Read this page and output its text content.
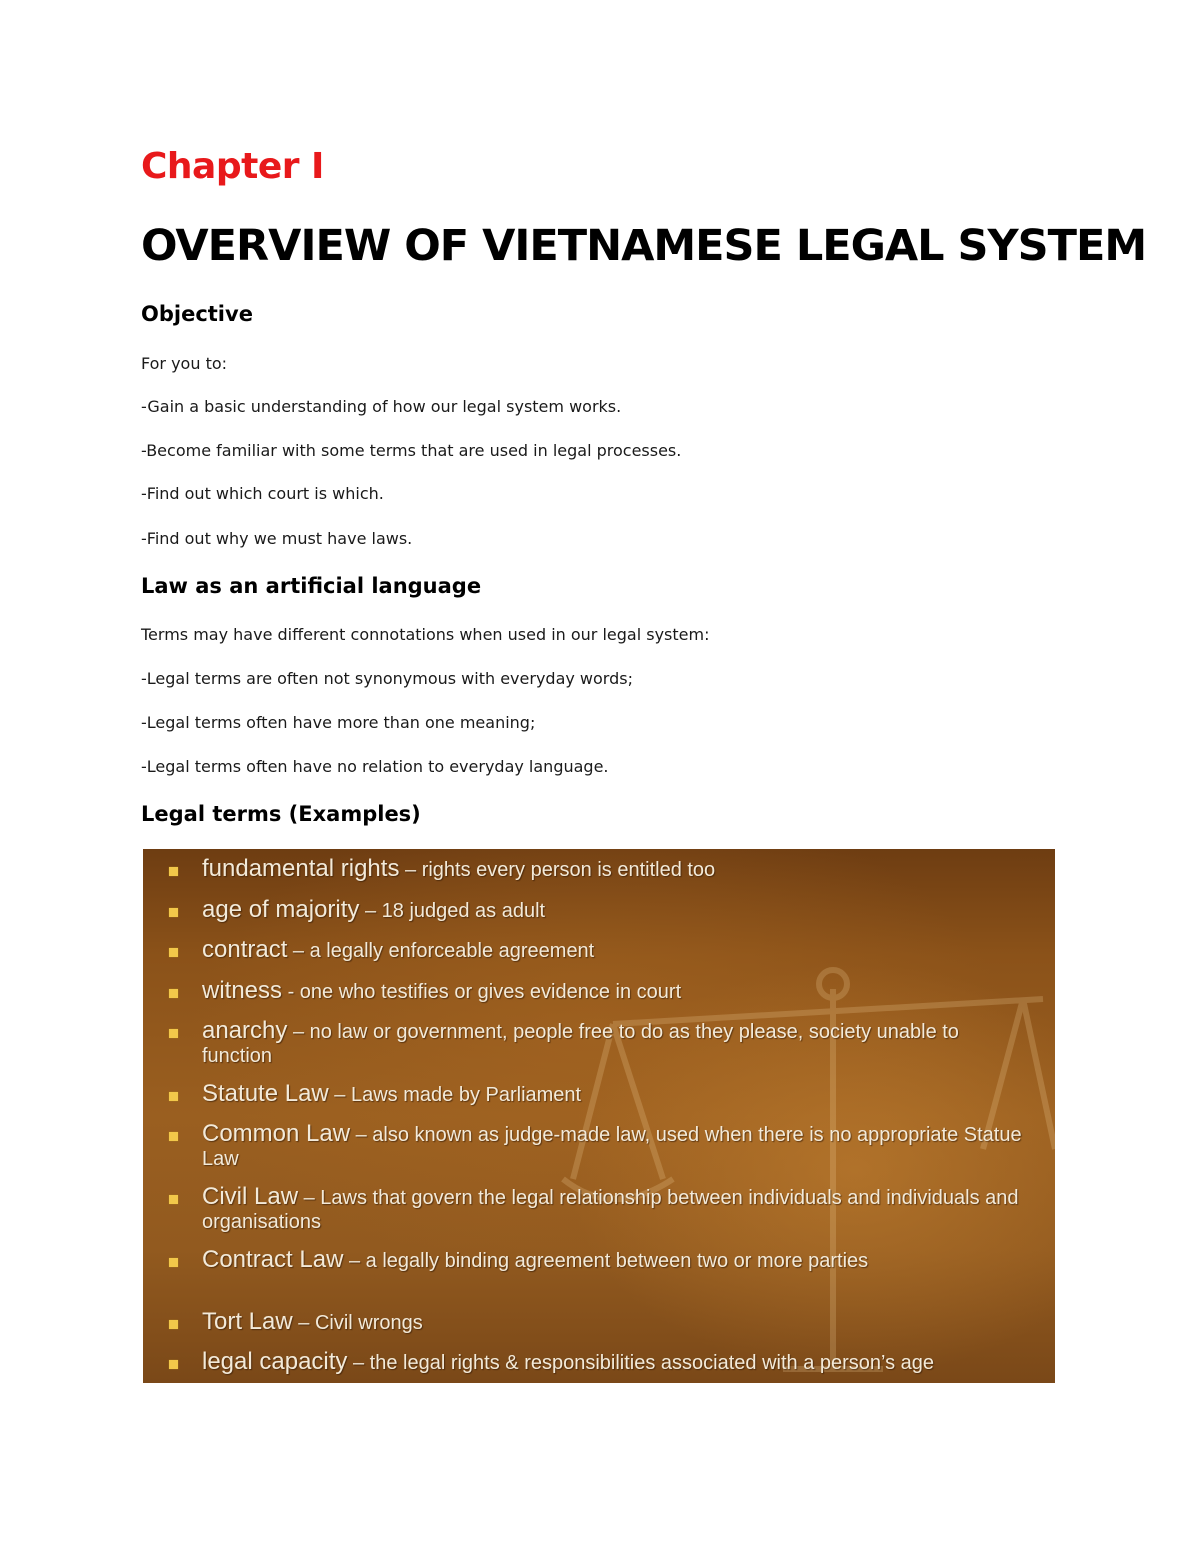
Chapter I
OVERVIEW OF VIETNAMESE LEGAL SYSTEM
Objective
For you to:
-Gain a basic understanding of how our legal system works.
-Become familiar with some terms that are used in legal processes.
-Find out which court is which.
-Find out why we must have laws.
Law as an artificial language
Terms may have different connotations when used in our legal system:
-Legal terms are often not synonymous with everyday words;
-Legal terms often have more than one meaning;
-Legal terms often have no relation to everyday language.
Legal terms (Examples)
fundamental rights – rights every person is entitled too
age of majority – 18 judged as adult
contract – a legally enforceable agreement
witness - one who testifies or gives evidence in court
anarchy – no law or government, people free to do as they please, society unable to function
Statute Law – Laws made by Parliament
Common Law – also known as judge-made law, used when there is no appropriate Statue Law
Civil Law – Laws that govern the legal relationship between individuals and individuals and organisations
Contract Law – a legally binding agreement between two or more parties
Tort Law – Civil wrongs
legal capacity – the legal rights & responsibilities associated with a person’s age
